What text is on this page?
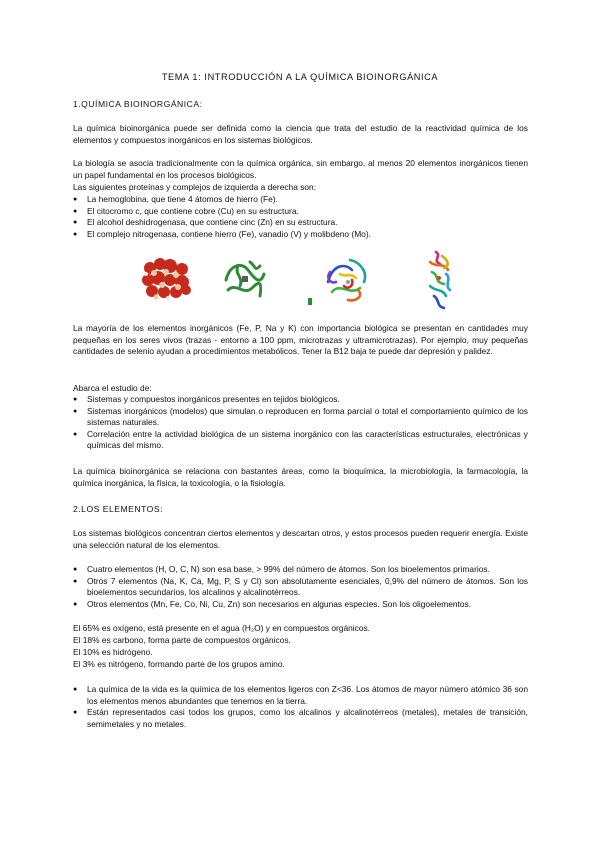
TEMA 1: INTRODUCCIÓN A LA QUÍMICA BIOINORGÁNICA
1.QUÍMICA BIOINORGÁNICA:

La química bioinorgánica puede ser definida como la ciencia que trata del estudio de la reactividad química de los elementos y compuestos inorgánicos en los sistemas biológicos.

La biología se asocia tradicionalmente con la química orgánica, sin embargo, al menos 20 elementos inorgánicos tienen un papel fundamental en los procesos biológicos.

Las siguientes proteínas y complejos de izquierda a derecha son:
● La hemoglobina, que tiene 4 átomos de hierro (Fe).
● El citocromo c, que contiene cobre (Cu) en su estructura.
● El alcohol deshidrogenasa, que contiene cinc (Zn) en su estructura.
● El complejo nitrogenasa, contiene hierro (Fe), vanadio (V) y molibdeno (Mo).

La mayoría de los elementos inorgánicos (Fe, P, Na y K) con importancia biológica se presentan en cantidades muy pequeñas en los seres vivos (trazas - entorno a 100 ppm, microtrazas y ultramicrotrazas). Por ejemplo, muy pequeñas cantidades de selenio ayudan a procedimientos metabólicos. Tener la B12 baja te puede dar depresión y palidez.

Abarca el estudio de:
● Sistemas y compuestos inorgánicos presentes en tejidos biológicos.
● Sistemas inorgánicos (modelos) que simulan o reproducen en forma parcial o total el comportamiento químico de los sistemas naturales.
● Correlación entre la actividad biológica de un sistema inorgánico con las características estructurales, electrónicas y químicas del mismo.

La química bioinorgánica se relaciona con bastantes áreas, como la bioquímica, la microbiología, la farmacología, la química inorgánica, la física, la toxicología, o la fisiología.

2.LOS ELEMENTOS:

Los sistemas biológicos concentran ciertos elementos y descartan otros, y estos procesos pueden requerir energía. Existe una selección natural de los elementos.

● Cuatro elementos (H, O, C, N) son esa base, > 99% del número de átomos. Son los bioelementos primarios.
● Otros 7 elementos (Na, K, Ca, Mg, P, S y Cl) son absolutamente esenciales, 0,9% del número de átomos. Son los bioelementos secundarios, los alcalinos y alcalinotérreos.
● Otros elementos (Mn, Fe, Co, Ni, Cu, Zn) son necesarios en algunas especies. Son los oligoelementos.
El 65% es oxígeno, está presente en el agua (H₂O) y en compuestos orgánicos.
El 18% es carbono, forma parte de compuestos orgánicos.
El 10% es hidrógeno.
El 3% es nitrógeno, formando parte de los grupos amino.
● La química de la vida es la química de los elementos ligeros con Z<36. Los átomos de mayor número atómico 36 son los elementos menos abundantes que tenemos en la tierra.
● Están representados casi todos los grupos, como los alcalinos y alcalinotérreos (metales), metales de transición, semimetales y no metales.
